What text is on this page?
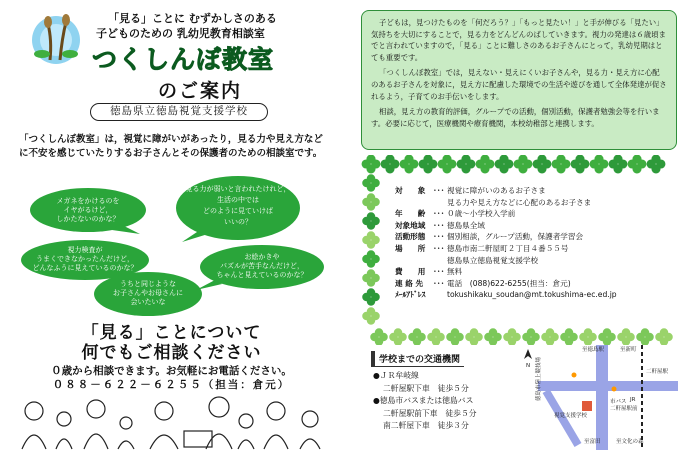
「見る」ことに むずかしさのある
子どものための 乳幼児教育相談室
つくしんぼ教室
のご案内
徳島県立徳島視覚支援学校
「つくしんぼ教室」は，視覚に障がいがあったり，見る力や見え方などに不安を感じていたりするお子さんとその保護者のための相談室です。
メガネをかけるのを
イヤがるけど，
しかたないのかな？
見る力が弱いと言われたけれど，
生活の中では
どのように見ていけば
いいの？
視力検査が
うまくできなかったんだけど，
どんなふうに見えているのかな？
お絵かきや
パズルが苦手なんだけど，
ちゃんと見えているのかな？
うちと同じような
お子さんやお母さんに
会いたいな
「見る」ことについて
何でもご相談ください
０歳から相談できます。お気軽にお電話ください。
０８８－６２２－６２５５（担当：倉元）

子どもは，見つけたものを「何だろう？」「もっと見たい！」と手が伸びる「見たい」気持ちを大切にすることで，見る力をどんどんのばしていきます。視力の発達は６歳頃までと言われていますので，「見る」ことに難しさのあるお子さんにとって，乳幼児期はとても重要です。

「つくしんぼ教室」では，見えない・見えにくいお子さんや，見る力・見え方に心配のあるお子さんを対象に，見え方に配慮した環境での生活や遊びを通して全体発達が促されるよう，子育てのお手伝いをします。

相談，見え方の教育的評価，グループでの活動，個別活動，保護者勉強会等を行います。必要に応じて，医療機関や療育機関，本校幼稚部と連携します。

対　　象	･･･ 視覚に障がいのあるお子さま
見る力や見え方などに心配のあるお子さま
年　　齢	･･･ ０歳～小学校入学前
対象地域	･･･ 徳島県全域
活動形態	･･･ 個別相談，グループ活動，保護者学習会
場　　所	･･･ 徳島市南二軒屋町２丁目４番５５号
徳島県立徳島視覚支援学校
費　　用	･･･ 無料
連 絡 先	･･･ 電話　(088)622-6255(担当：倉元)
ﾒｰﾙｱﾄﾞﾚｽ	tokushikaku_soudan@mt.tokushima-ec.ed.jp
学校までの交通機関
●ＪＲ牟岐線
二軒屋駅下車　徒歩５分
●徳島市バスまたは徳島バス
二軒屋駅前下車　徒歩５分
南二軒屋下車　徒歩３分
N
至徳島駅	至新町
二軒屋駅
JR
市バス
二軒屋駅前
視覚支援学校
徳島市陸上競技場
至富田	至文化の森
